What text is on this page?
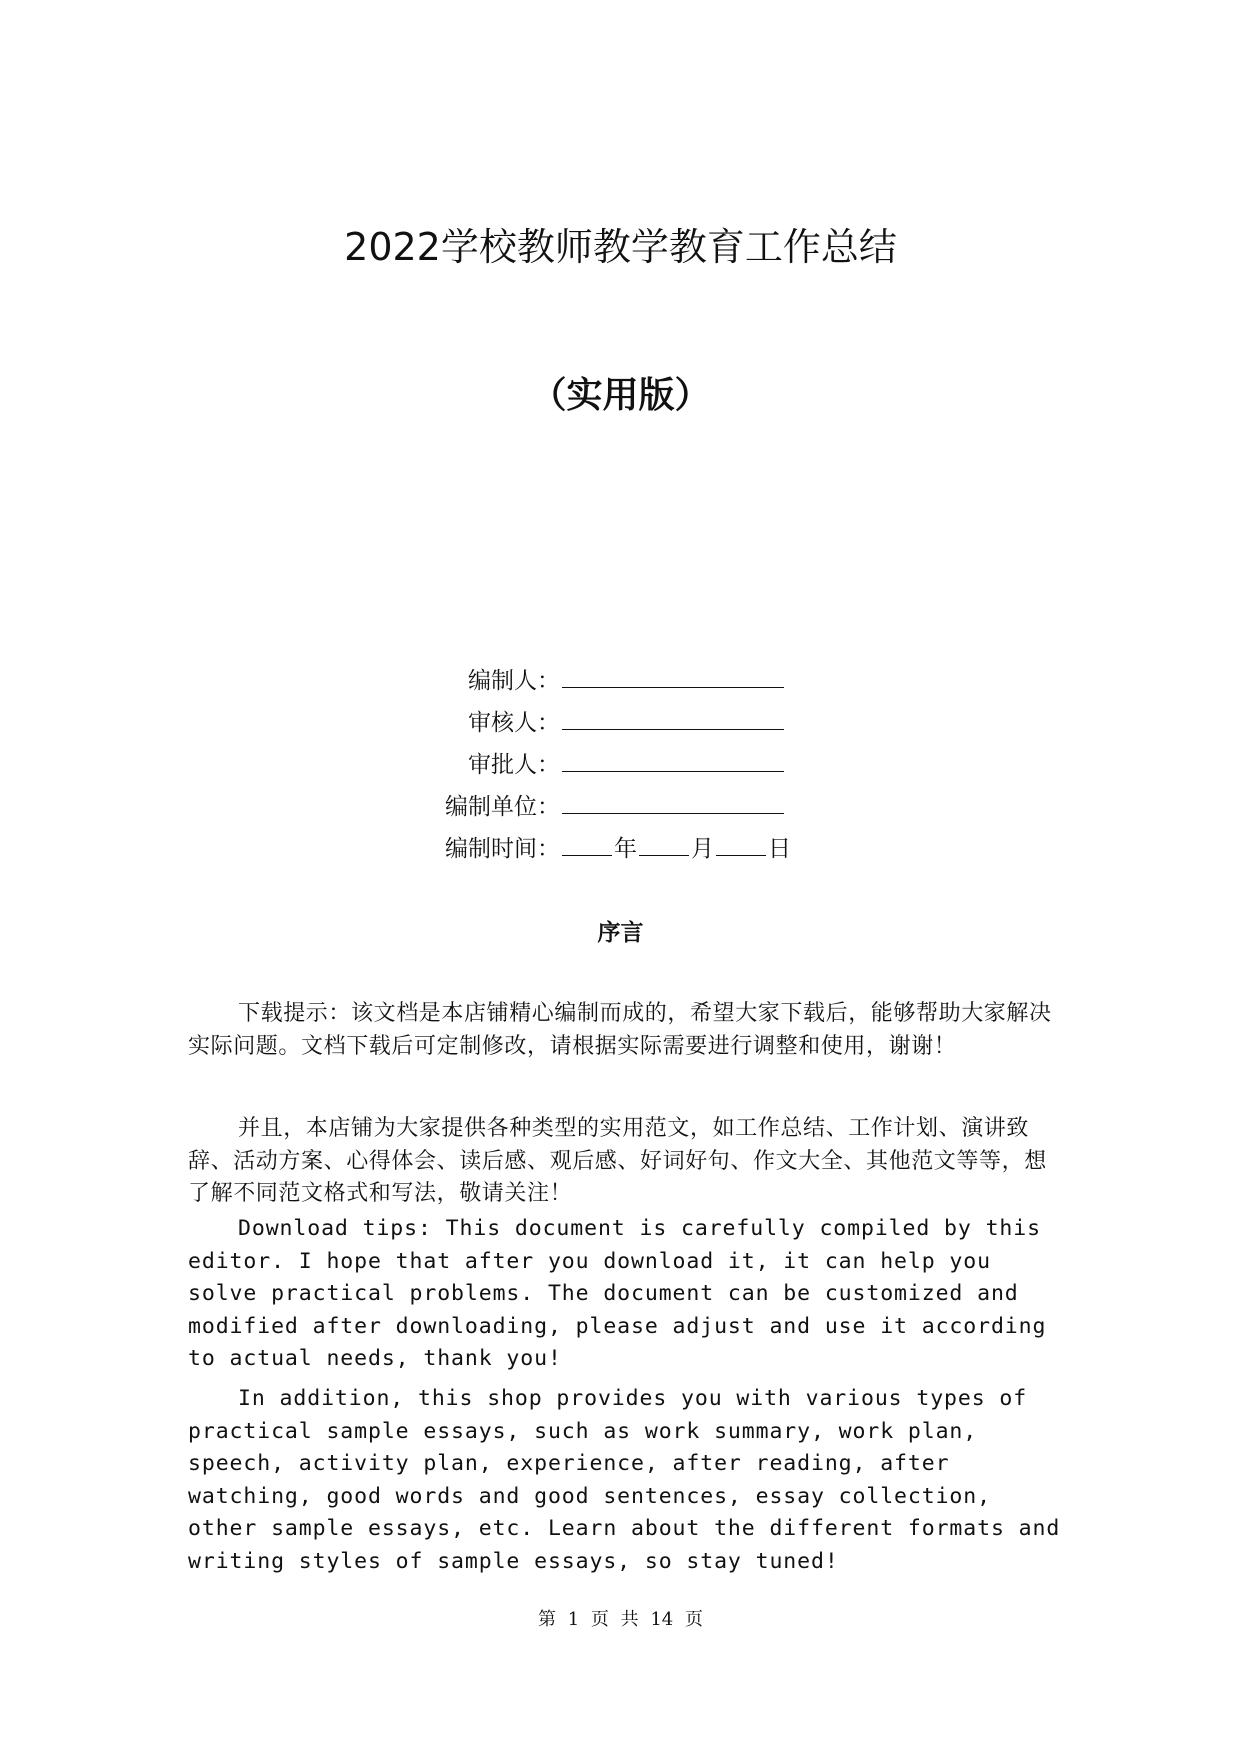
2022学校教师教学教育工作总结
（实用版）
编制人：
审核人：
审批人：
编制单位：
编制时间： 年 月 日
序言

下载提示：该文档是本店铺精心编制而成的，希望大家下载后，能够帮助大家解决实际问题。文档下载后可定制修改，请根据实际需要进行调整和使用，谢谢！

并且，本店铺为大家提供各种类型的实用范文，如工作总结、工作计划、演讲致辞、活动方案、心得体会、读后感、观后感、好词好句、作文大全、其他范文等等，想了解不同范文格式和写法，敬请关注！

Download tips: This document is carefully compiled by this editor. I hope that after you download it, it can help you solve practical problems. The document can be customized and modified after downloading, please adjust and use it according to actual needs, thank you!

In addition, this shop provides you with various types of practical sample essays, such as work summary, work plan, speech, activity plan, experience, after reading, after watching, good words and good sentences, essay collection, other sample essays, etc. Learn about the different formats and writing styles of sample essays, so stay tuned!

第 1 页 共 14 页
